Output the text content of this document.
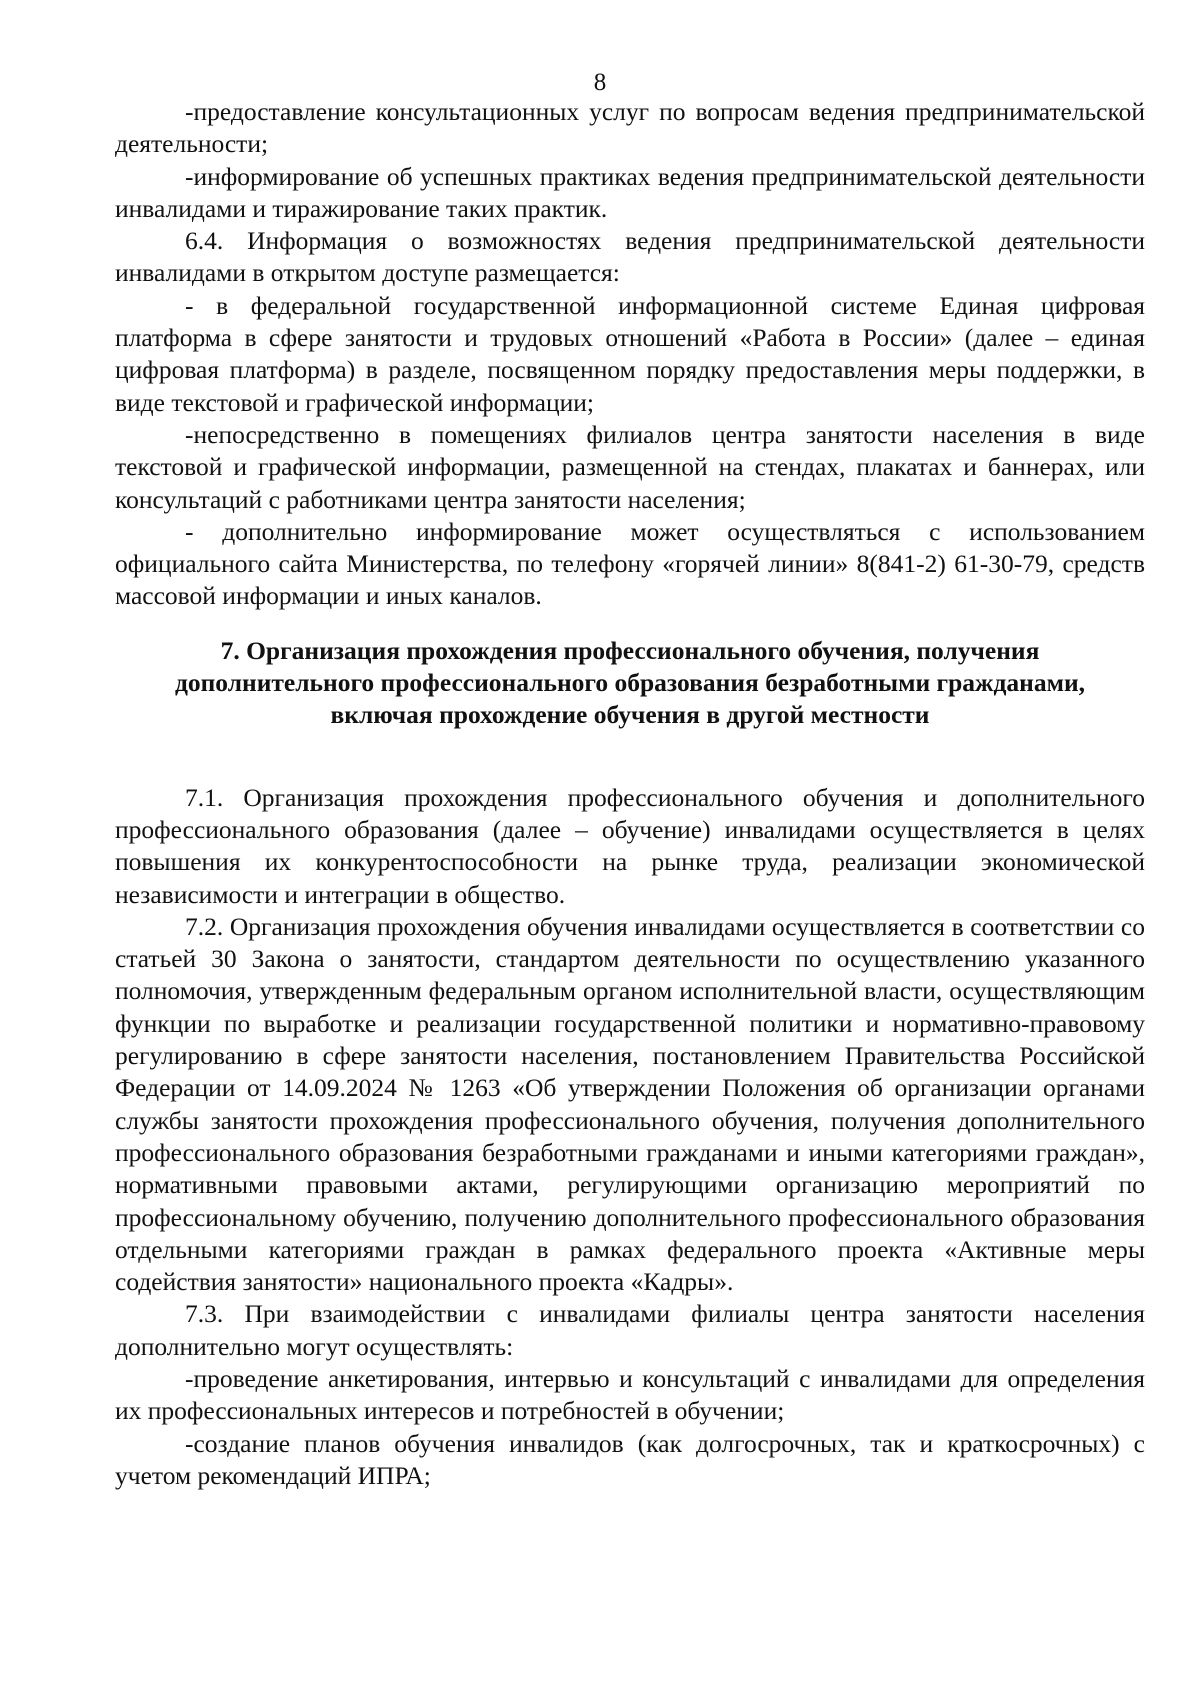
8

-предоставление консультационных услуг по вопросам ведения предпринимательской деятельности;

-информирование об успешных практиках ведения предпринимательской деятельности инвалидами и тиражирование таких практик.

6.4. Информация о возможностях ведения предпринимательской деятельности инвалидами в открытом доступе размещается:

- в федеральной государственной информационной системе Единая цифровая платформа в сфере занятости и трудовых отношений «Работа в России» (далее – единая цифровая платформа) в разделе, посвященном порядку предоставления меры поддержки, в виде текстовой и графической информации;

-непосредственно в помещениях филиалов центра занятости населения в виде текстовой и графической информации, размещенной на стендах, плакатах и баннерах, или консультаций с работниками центра занятости населения;

- дополнительно информирование может осуществляться с использованием официального сайта Министерства, по телефону «горячей линии» 8(841-2) 61-30-79, средств массовой информации и иных каналов.

7. Организация прохождения профессионального обучения, получения
дополнительного профессионального образования безработными гражданами,
включая прохождение обучения в другой местности

7.1. Организация прохождения профессионального обучения и дополнительного профессионального образования (далее – обучение) инвалидами осуществляется в целях повышения их конкурентоспособности на рынке труда, реализации экономической независимости и интеграции в общество.

7.2. Организация прохождения обучения инвалидами осуществляется в соответствии со статьей 30 Закона о занятости, стандартом деятельности по осуществлению указанного полномочия, утвержденным федеральным органом исполнительной власти, осуществляющим функции по выработке и реализации государственной политики и нормативно-правовому регулированию в сфере занятости населения, постановлением Правительства Российской Федерации от 14.09.2024 № 1263 «Об утверждении Положения об организации органами службы занятости прохождения профессионального обучения, получения дополнительного профессионального образования безработными гражданами и иными категориями граждан», нормативными правовыми актами, регулирующими организацию мероприятий по профессиональному обучению, получению дополнительного профессионального образования отдельными категориями граждан в рамках федерального проекта «Активные меры содействия занятости» национального проекта «Кадры».

7.3. При взаимодействии с инвалидами филиалы центра занятости населения дополнительно могут осуществлять:

-проведение анкетирования, интервью и консультаций с инвалидами для определения их профессиональных интересов и потребностей в обучении;

-создание планов обучения инвалидов (как долгосрочных, так и краткосрочных) с учетом рекомендаций ИПРА;
